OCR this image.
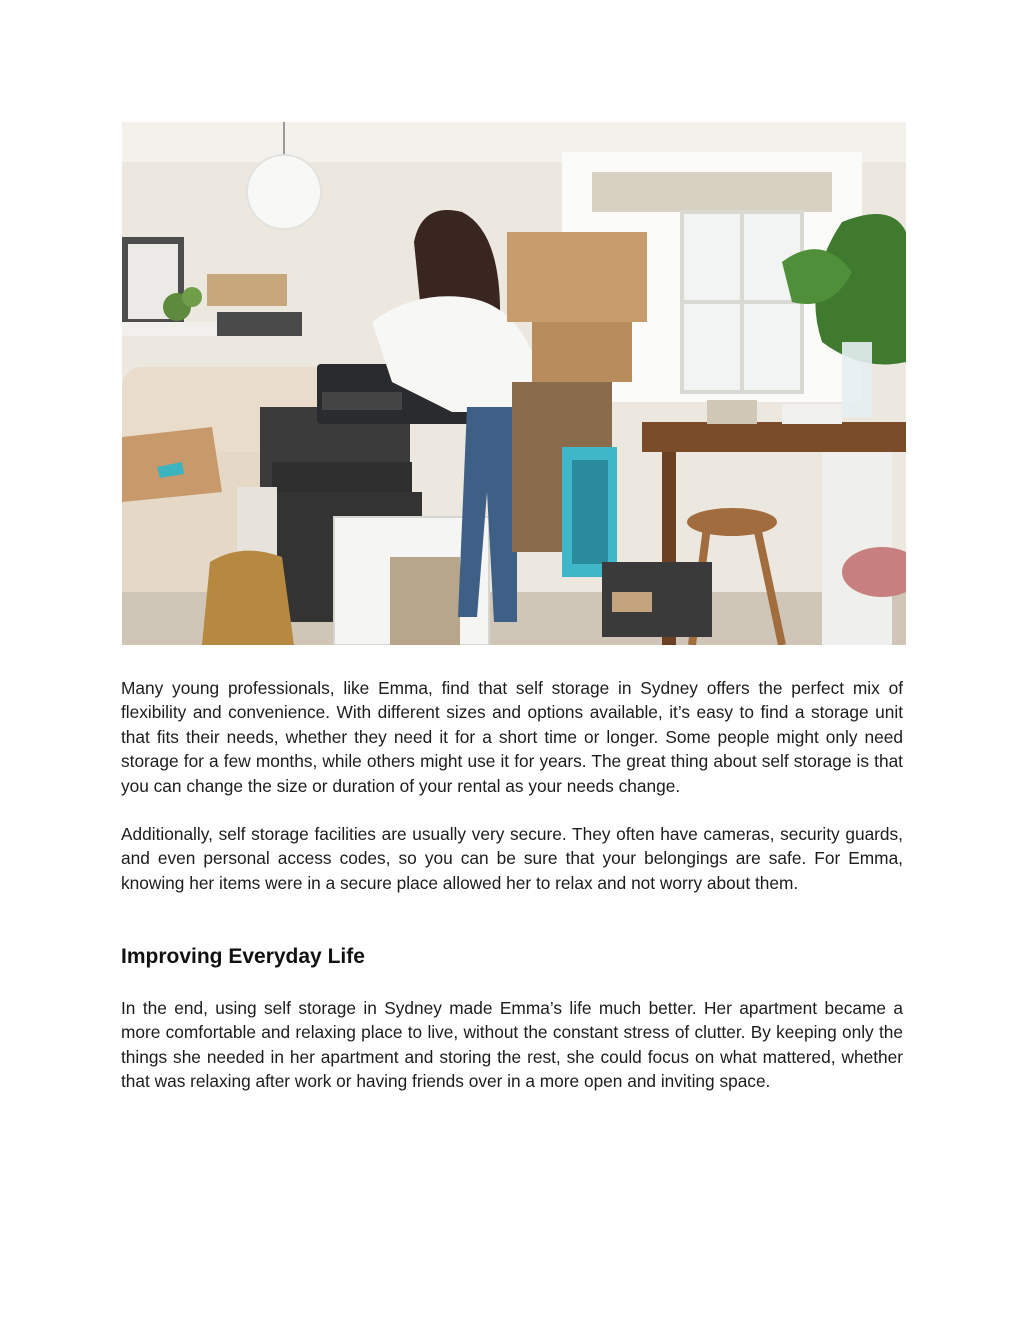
Many young professionals, like Emma, find that self storage in Sydney offers the perfect mix of flexibility and convenience. With different sizes and options available, it’s easy to find a storage unit that fits their needs, whether they need it for a short time or longer. Some people might only need storage for a few months, while others might use it for years. The great thing about self storage is that you can change the size or duration of your rental as your needs change.

Additionally, self storage facilities are usually very secure. They often have cameras, security guards, and even personal access codes, so you can be sure that your belongings are safe. For Emma, knowing her items were in a secure place allowed her to relax and not worry about them.

Improving Everyday Life

In the end, using self storage in Sydney made Emma’s life much better. Her apartment became a more comfortable and relaxing place to live, without the constant stress of clutter. By keeping only the things she needed in her apartment and storing the rest, she could focus on what mattered, whether that was relaxing after work or having friends over in a more open and inviting space.
